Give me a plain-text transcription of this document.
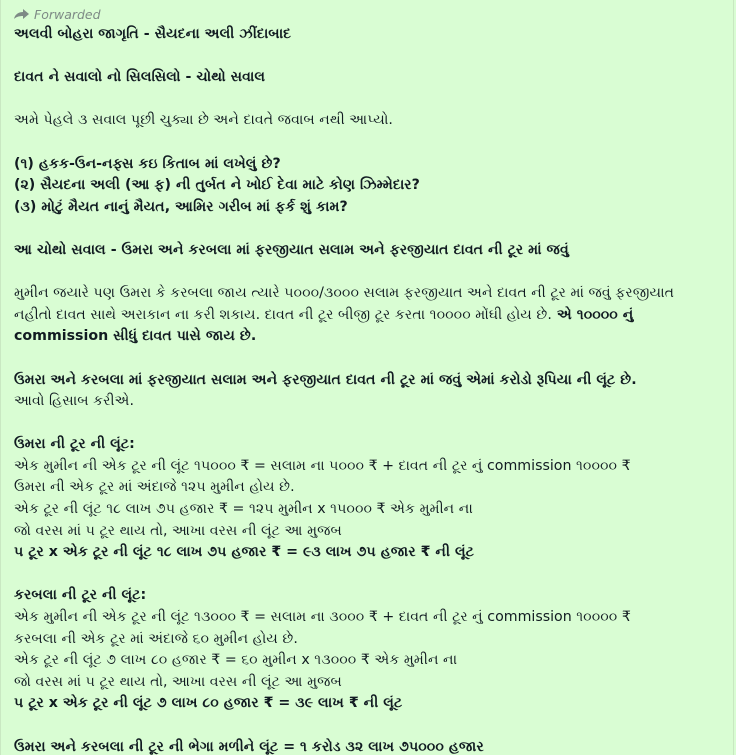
Forwarded
અલવી બોહરા જાગૃતિ - સૈયદના અલી ઝીંદાબાદ
દાવત ને સવાલો નો સિલસિલો - ચોથો સવાલ
અમે પેહલે ૩ સવાલ પૂછી ચુક્યા છે અને દાવતે જવાબ નથી આપ્યો.
(૧) હકક-ઉન-નફ્સ કઇ કિતાબ માં લખેલું છે?
(૨) સૈયદના અલી (આ ફ) ની તુર્બત ને ખોઈ દેવા માટે કોણ ઝિમ્મેદાર?
(૩) મોટું મૈયત નાનું મૈયત, આમિર ગરીબ માં ફર્ક શું કામ?
આ ચોથો સવાલ - ઉમરા અને કરબલા માં ફરજીયાત સલામ અને ફરજીયાત દાવત ની ટૂર માં જવું
મુમીન જયારે પણ ઉમરા કે કરબલા જાય ત્યારે ૫૦૦૦/૩૦૦૦ સલામ ફરજીયાત અને દાવત ની ટૂર માં જવું ફરજીયાત
નહીતો દાવત સાથે અરાકાન ના કરી શકાય. દાવત ની ટૂર બીજી ટૂર કરતા ૧૦૦૦૦ મોંઘી હોય છે. એ ૧૦૦૦૦ નું
commission સીધું દાવત પાસે જાય છે.
ઉમરા અને કરબલા માં ફરજીયાત સલામ અને ફરજીયાત દાવત ની ટૂર માં જવું એમાં કરોડો રૂપિયા ની લૂંટ છે.
આવો હિસાબ કરીએ.
ઉમરા ની ટૂર ની લૂંટ:
એક મુમીન ની એક ટૂર ની લૂંટ ૧૫૦૦૦ ₹ = સલામ ના ૫૦૦૦ ₹ + દાવત ની ટૂર નું commission ૧૦૦૦૦ ₹
ઉમરા ની એક ટૂર માં અંદાજે ૧૨૫ મુમીન હોય છે.
એક ટૂર ની લૂંટ ૧૮ લાખ ૭૫ હજાર ₹ = ૧૨૫ મુમીન x ૧૫૦૦૦ ₹ એક મુમીન ના
જો વરસ માં ૫ ટૂર થાય તો, આખા વરસ ની લૂંટ આ મુજબ
૫ ટૂર x એક ટૂર ની લૂંટ ૧૮ લાખ ૭૫ હજાર ₹ = ૯૩ લાખ ૭૫ હજાર ₹ ની લૂંટ
કરબલા ની ટૂર ની લૂંટ:
એક મુમીન ની એક ટૂર ની લૂંટ ૧૩૦૦૦ ₹ = સલામ ના ૩૦૦૦ ₹ + દાવત ની ટૂર નું commission ૧૦૦૦૦ ₹
કરબલા ની એક ટૂર માં અંદાજે ૬૦ મુમીન હોય છે.
એક ટૂર ની લૂંટ ૭ લાખ ૮૦ હજાર ₹ = ૬૦ મુમીન x ૧૩૦૦૦ ₹ એક મુમીન ના
જો વરસ માં ૫ ટૂર થાય તો, આખા વરસ ની લૂંટ આ મુજબ
૫ ટૂર x એક ટૂર ની લૂંટ ૭ લાખ ૮૦ હજાર ₹ = ૩૯ લાખ ₹ ની લૂંટ
ઉમરા અને કરબલા ની ટૂર ની ભેગા મળીને લૂંટ = ૧ કરોડ ૩૨ લાખ ૭૫૦૦૦ હજાર
